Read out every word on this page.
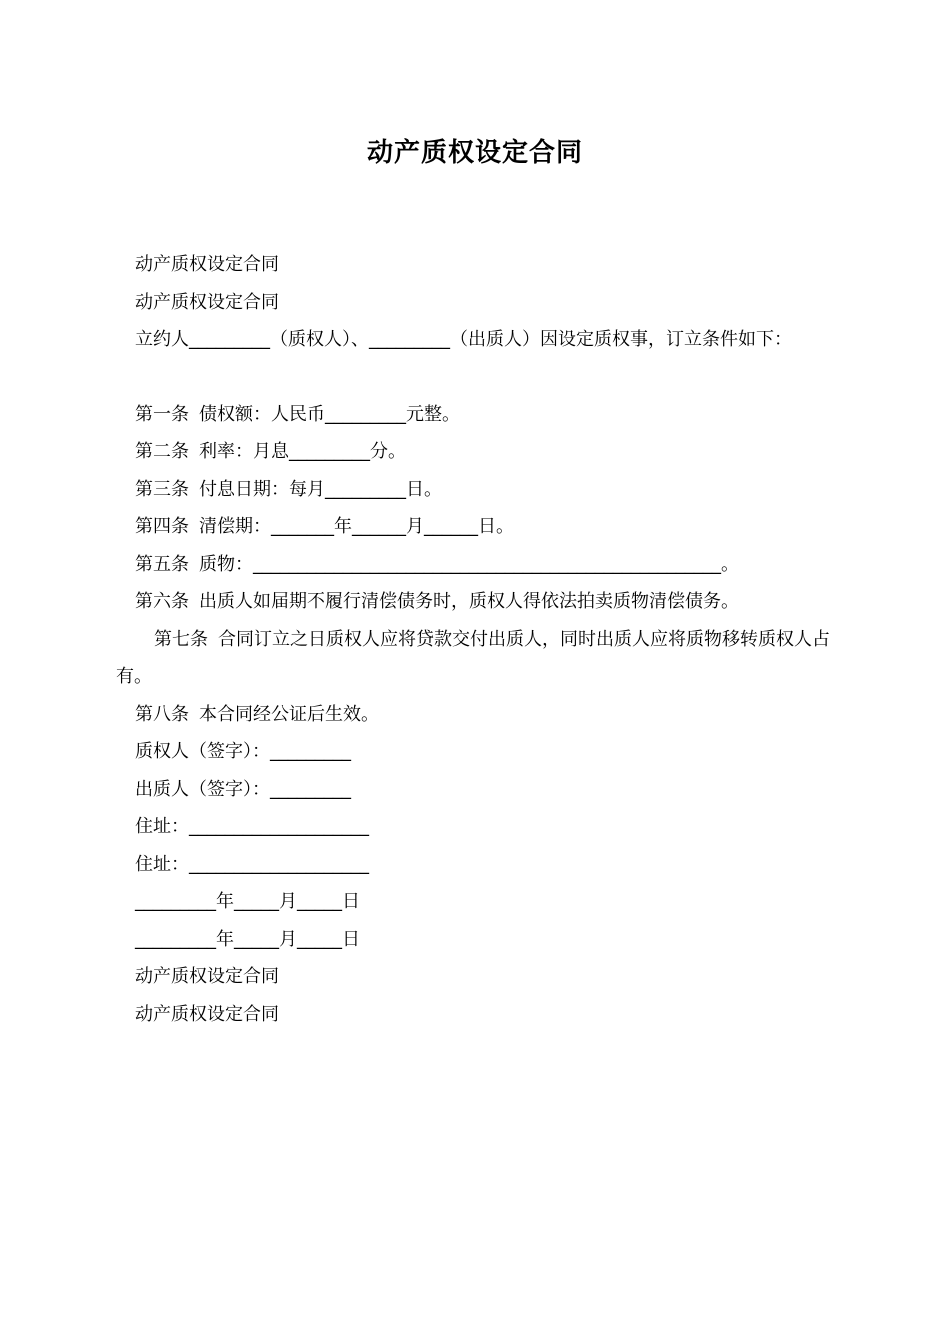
动产质权设定合同
动产质权设定合同
动产质权设定合同
立约人_________（质权人）、_________（出质人）因设定质权事，订立条件如下：
第一条 债权额：人民币_________元整。
第二条 利率：月息_________分。
第三条 付息日期：每月_________日。
第四条 清偿期：_______年______月______日。
第五条 质物：____________________________________________________。
第六条 出质人如届期不履行清偿债务时，质权人得依法拍卖质物清偿债务。
第七条 合同订立之日质权人应将贷款交付出质人，同时出质人应将质物移转质权人占有。
第八条 本合同经公证后生效。
质权人（签字）：_________
出质人（签字）：_________
住址：____________________
住址：____________________
_________年_____月_____日
_________年_____月_____日
动产质权设定合同
动产质权设定合同
